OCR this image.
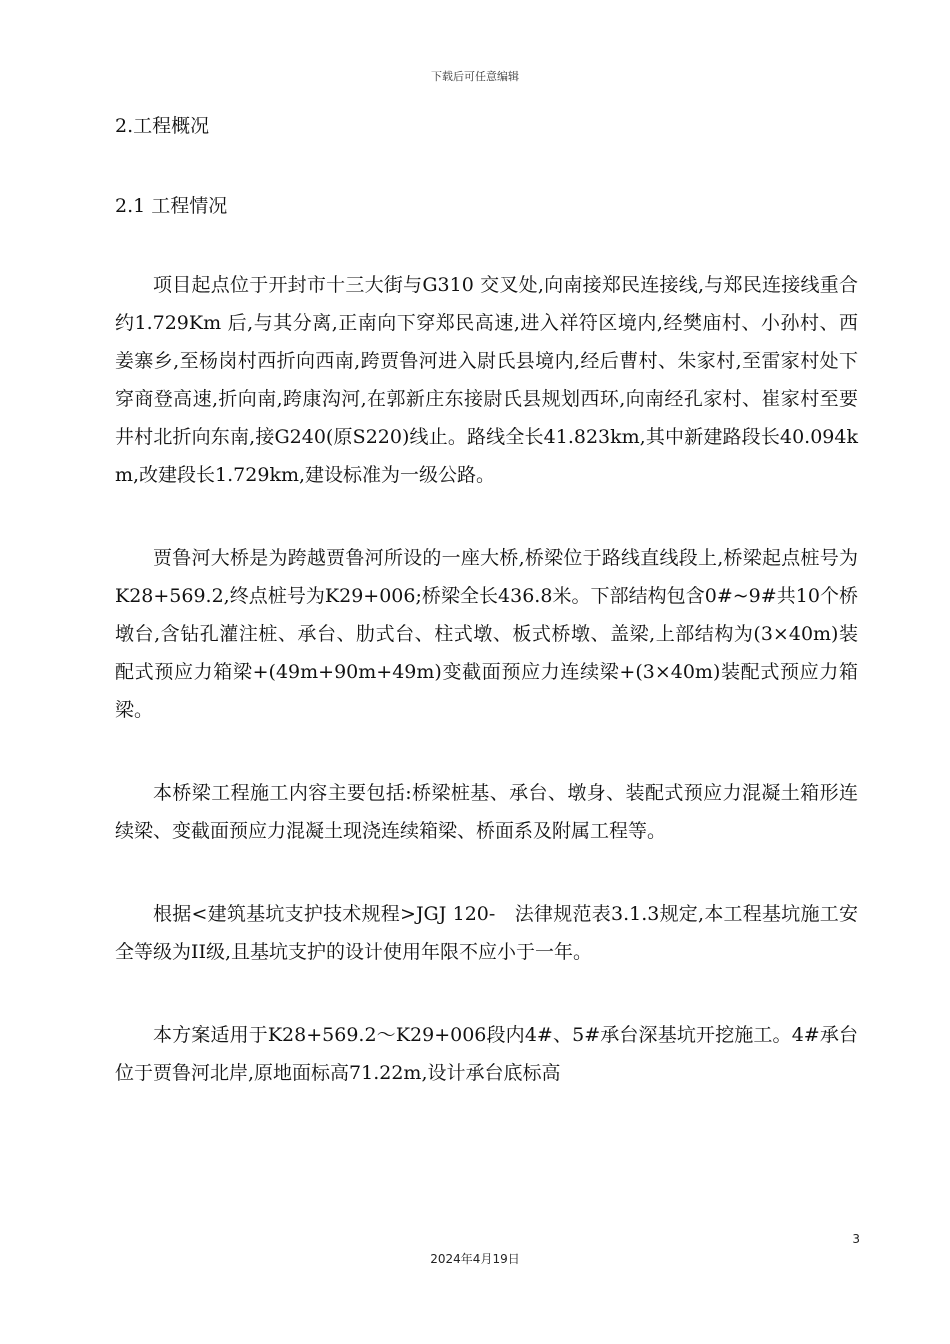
下载后可任意编辑
2.工程概况
2.1 工程情况

项目起点位于开封市十三大街与G310 交叉处,向南接郑民连接线,与郑民连接线重合约1.729Km 后,与其分离,正南向下穿郑民高速,进入祥符区境内,经樊庙村、小孙村、西姜寨乡,至杨岗村西折向西南,跨贾鲁河进入尉氏县境内,经后曹村、朱家村,至雷家村处下穿商登高速,折向南,跨康沟河,在郭新庄东接尉氏县规划西环,向南经孔家村、崔家村至要井村北折向东南,接G240(原S220)线止。路线全长41.823km,其中新建路段长40.094km,改建段长1.729km,建设标准为一级公路。

贾鲁河大桥是为跨越贾鲁河所设的一座大桥,桥梁位于路线直线段上,桥梁起点桩号为K28+569.2,终点桩号为K29+006;桥梁全长436.8米。下部结构包含0#~9#共10个桥墩台,含钻孔灌注桩、承台、肋式台、柱式墩、板式桥墩、盖梁,上部结构为(3×40m)装配式预应力箱梁+(49m+90m+49m)变截面预应力连续梁+(3×40m)装配式预应力箱梁。

本桥梁工程施工内容主要包括:桥梁桩基、承台、墩身、装配式预应力混凝土箱形连续梁、变截面预应力混凝土现浇连续箱梁、桥面系及附属工程等。

根据<建筑基坑支护技术规程>JGJ 120-　法律规范表3.1.3规定,本工程基坑施工安全等级为II级,且基坑支护的设计使用年限不应小于一年。

本方案适用于K28+569.2～K29+006段内4#、5#承台深基坑开挖施工。4#承台位于贾鲁河北岸,原地面标高71.22m,设计承台底标高

3
2024年4月19日
